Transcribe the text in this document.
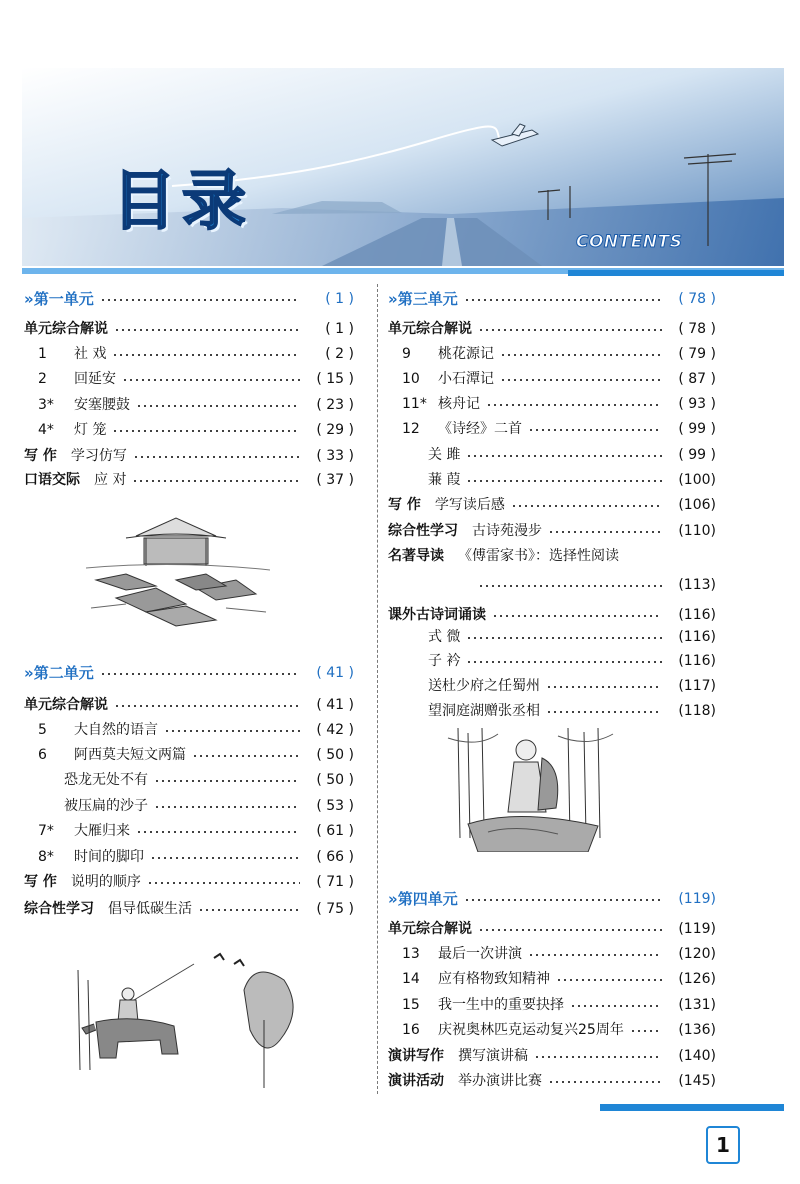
目录
CONTENTS
»第一单元	( 1 )
单元综合解说	( 1 )
1 社 戏	( 2 )
2 回延安	( 15 )
3* 安塞腰鼓	( 23 )
4* 灯 笼	( 29 )
写 作 学习仿写	( 33 )
口语交际 应 对	( 37 )
»第二单元	( 41 )
单元综合解说	( 41 )
5 大自然的语言	( 42 )
6 阿西莫夫短文两篇	( 50 )
恐龙无处不有	( 50 )
被压扁的沙子	( 53 )
7* 大雁归来	( 61 )
8* 时间的脚印	( 66 )
写 作 说明的顺序	( 71 )
综合性学习 倡导低碳生活	( 75 )
»第三单元	( 78 )
单元综合解说	( 78 )
9 桃花源记	( 79 )
10 小石潭记	( 87 )
11* 核舟记	( 93 )
12 《诗经》二首	( 99 )
关 雎	( 99 )
蒹 葭	(100)
写 作 学写读后感	(106)
综合性学习 古诗苑漫步	(110)
名著导读 《傅雷家书》：选择性阅读
(113)
课外古诗词诵读	(116)
式 微	(116)
子 衿	(116)
送杜少府之任蜀州	(117)
望洞庭湖赠张丞相	(118)
»第四单元	(119)
单元综合解说	(119)
13 最后一次讲演	(120)
14 应有格物致知精神	(126)
15 我一生中的重要抉择	(131)
16 庆祝奥林匹克运动复兴25周年	(136)
演讲写作 撰写演讲稿	(140)
演讲活动 举办演讲比赛	(145)
1
